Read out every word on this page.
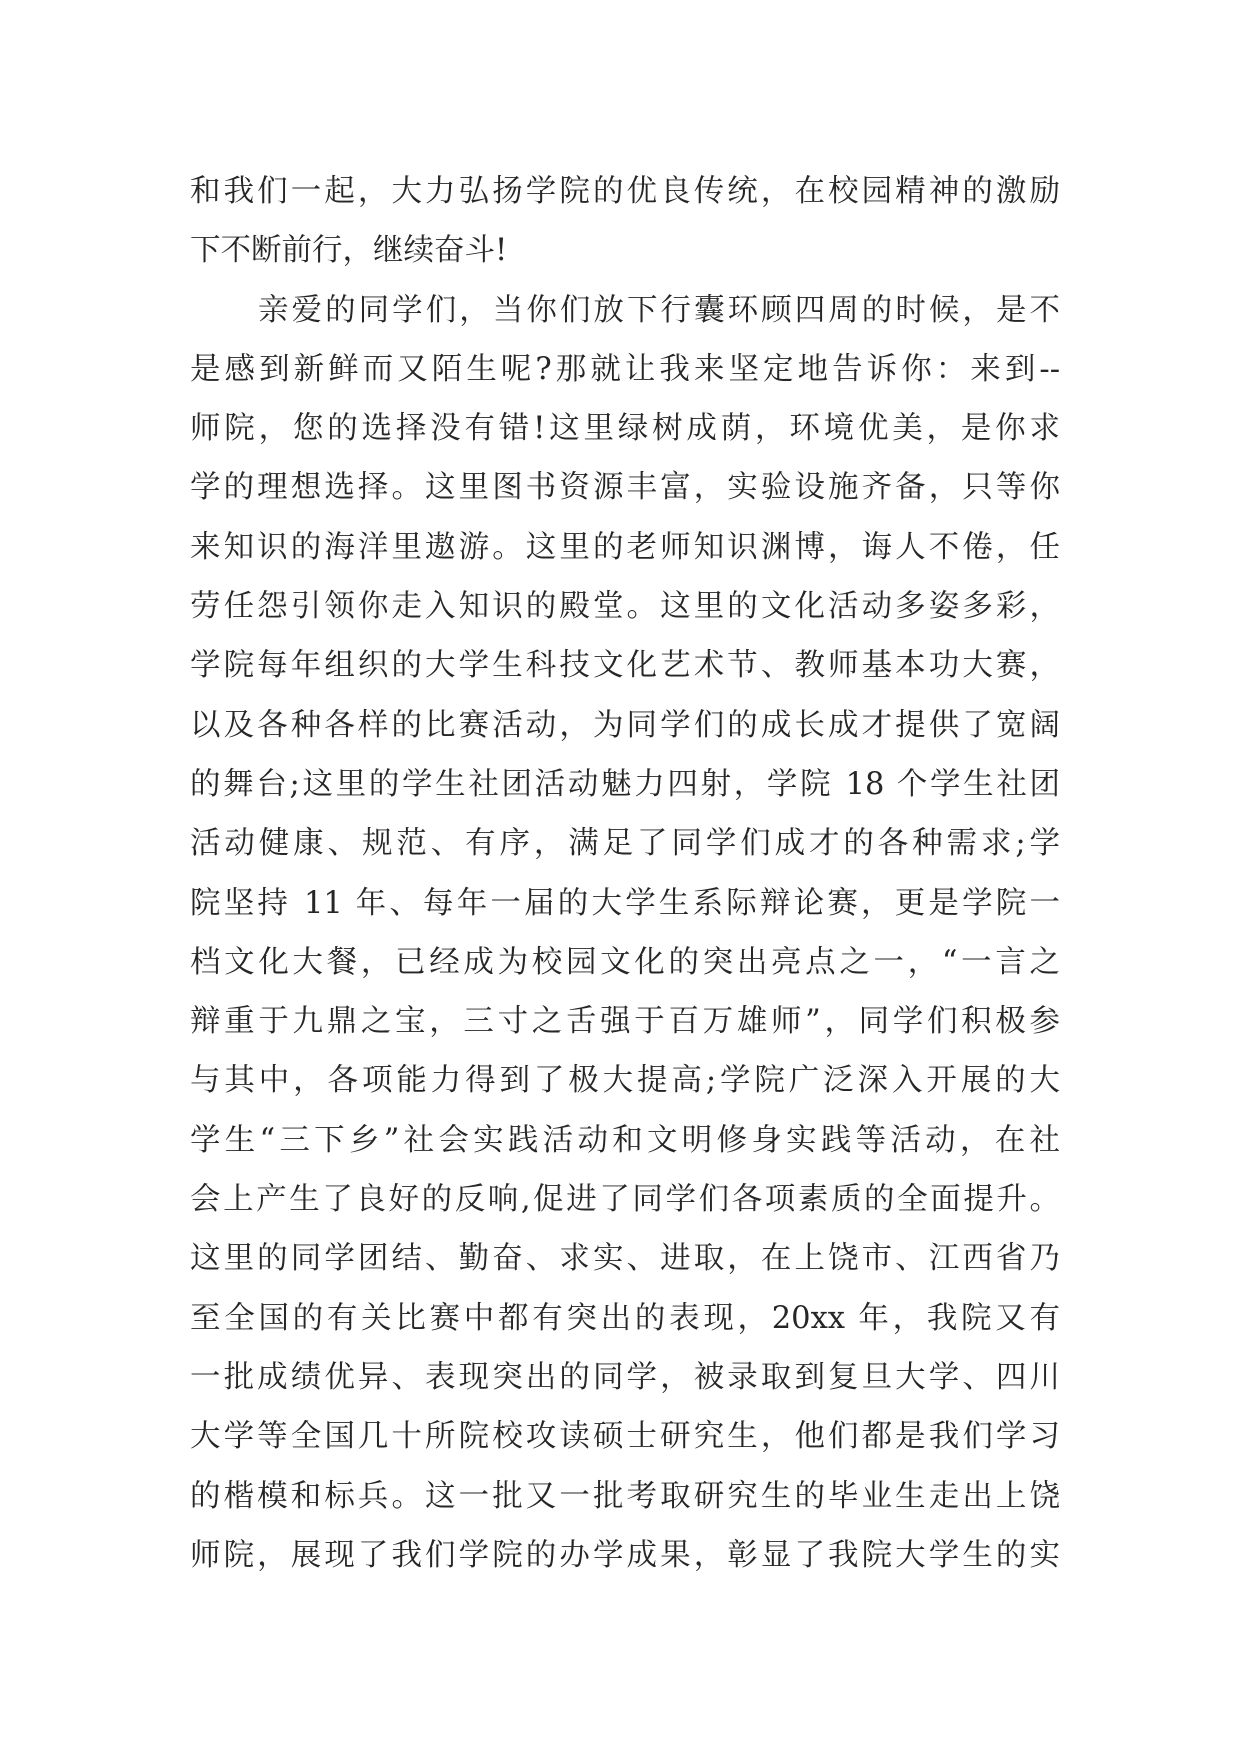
和我们一起，大力弘扬学院的优良传统，在校园精神的激励
下不断前行，继续奋斗!
亲爱的同学们，当你们放下行囊环顾四周的时候，是不
是感到新鲜而又陌生呢?那就让我来坚定地告诉你：来到--
师院，您的选择没有错!这里绿树成荫，环境优美，是你求
学的理想选择。这里图书资源丰富，实验设施齐备，只等你
来知识的海洋里遨游。这里的老师知识渊博，诲人不倦，任
劳任怨引领你走入知识的殿堂。这里的文化活动多姿多彩，
学院每年组织的大学生科技文化艺术节、教师基本功大赛，
以及各种各样的比赛活动，为同学们的成长成才提供了宽阔
的舞台;这里的学生社团活动魅力四射，学院 18 个学生社团
活动健康、规范、有序，满足了同学们成才的各种需求;学
院坚持 11 年、每年一届的大学生系际辩论赛，更是学院一
档文化大餐，已经成为校园文化的突出亮点之一，“一言之
辩重于九鼎之宝，三寸之舌强于百万雄师”，同学们积极参
与其中，各项能力得到了极大提高;学院广泛深入开展的大
学生“三下乡”社会实践活动和文明修身实践等活动，在社
会上产生了良好的反响,促进了同学们各项素质的全面提升。
这里的同学团结、勤奋、求实、进取，在上饶市、江西省乃
至全国的有关比赛中都有突出的表现，20xx 年，我院又有
一批成绩优异、表现突出的同学，被录取到复旦大学、四川
大学等全国几十所院校攻读硕士研究生，他们都是我们学习
的楷模和标兵。这一批又一批考取研究生的毕业生走出上饶
师院，展现了我们学院的办学成果，彰显了我院大学生的实
